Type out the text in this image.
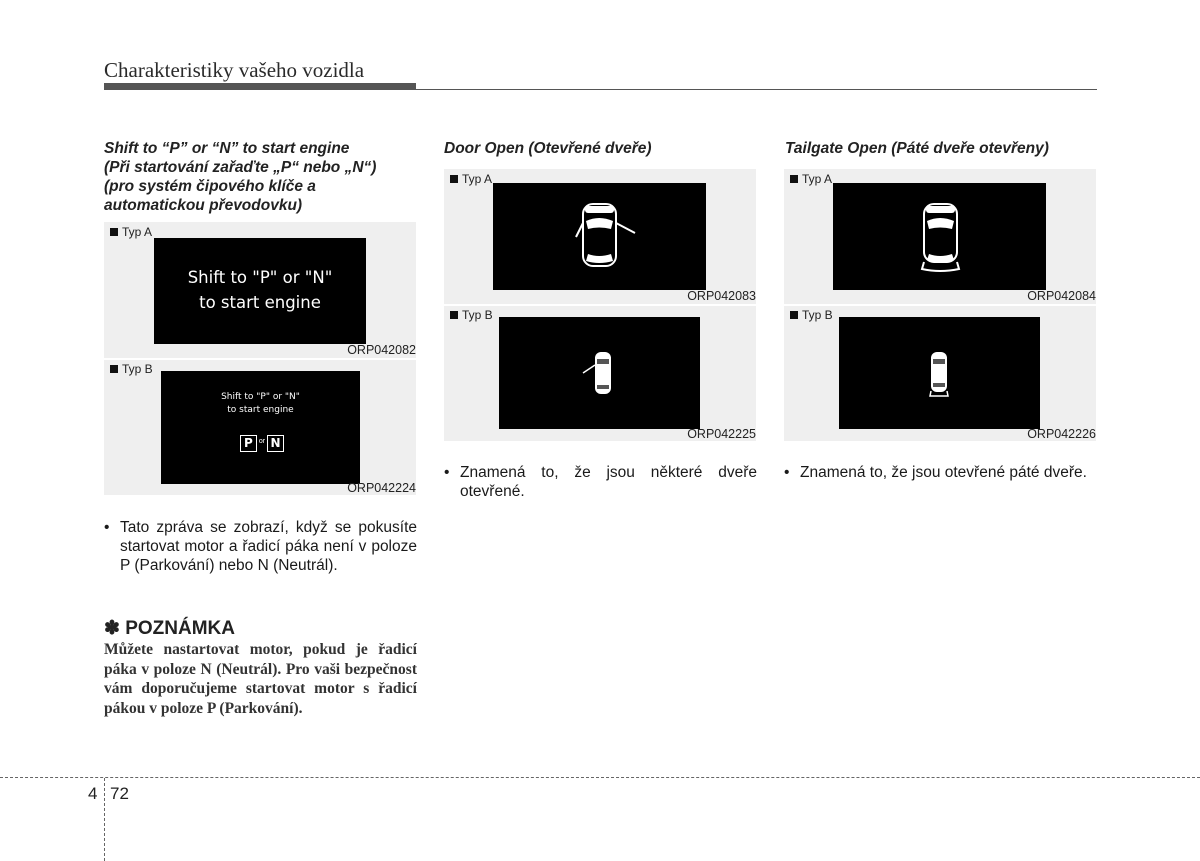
Charakteristiky vašeho vozidla
Shift to “P” or “N” to start engine
(Při startování zařaďte „P“ nebo „N“)
(pro systém čipového klíče a
automatickou převodovku)
Typ A
Shift to "P" or "N"
to start engine
ORP042082
Typ B
Shift to "P" or "N"
to start engine
P or N
ORP042224
• Tato zpráva se zobrazí, když se pokusíte startovat motor a řadicí páka není v poloze P (Parkování) nebo N (Neutrál).
✽ POZNÁMKA
Můžete nastartovat motor, pokud je řadicí páka v poloze N (Neutrál). Pro vaši bezpečnost vám doporučujeme startovat motor s řadicí pákou v poloze P (Parkování).
Door Open (Otevřené dveře)
Typ A
ORP042083
Typ B
ORP042225
• Znamená to, že jsou některé dveře otevřené.
Tailgate Open (Páté dveře otevřeny)
Typ A
ORP042084
Typ B
ORP042226
• Znamená to, že jsou otevřené páté dveře.
4 72
